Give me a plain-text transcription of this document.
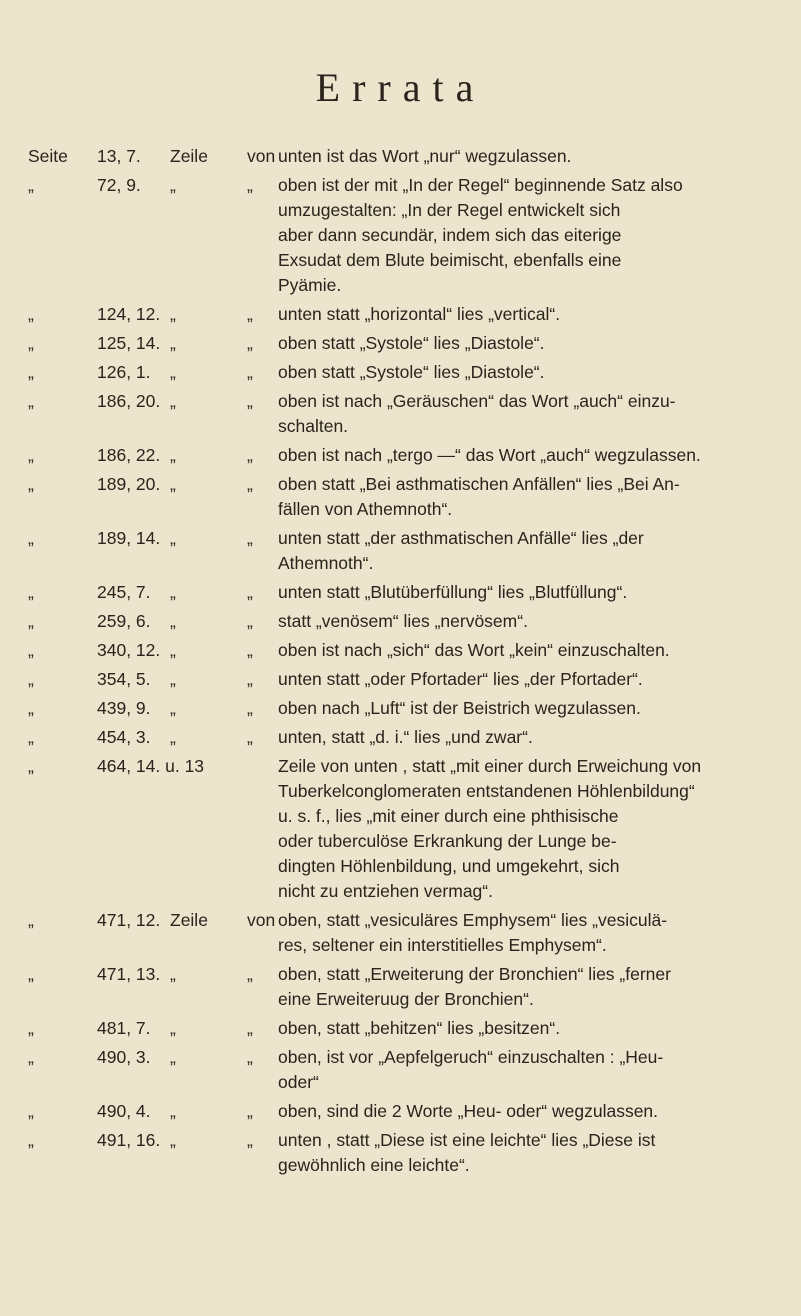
Errata
Seite 13, 7. Zeile von unten ist das Wort „nur“ wegzulassen.
„	72, 9. „	„ oben ist der mit „In der Regel“ beginnende Satz also
umzugestalten: „In der Regel entwickelt sich
aber dann secundär, indem sich das eiterige
Exsudat dem Blute beimischt, ebenfalls eine
Pyämie.
„	124, 12. „	„ unten statt „horizontal“ lies „vertical“.
„	125, 14. „	„ oben statt „Systole“ lies „Diastole“.
„	126, 1. „	„ oben statt „Systole“ lies „Diastole“.
„	186, 20. „	„ oben ist nach „Geräuschen“ das Wort „auch“ einzu-
schalten.
„	186, 22. „	„ oben ist nach „tergo —“ das Wort „auch“ wegzulassen.
„	189, 20. „	„ oben statt „Bei asthmatischen Anfällen“ lies „Bei An-
fällen von Athemnoth“.
„	189, 14. „	„ unten statt „der asthmatischen Anfälle“ lies „der
Athemnoth“.
„	245, 7. „	„ unten statt „Blutüberfüllung“ lies „Blutfüllung“.
„	259, 6. „	„ statt „venösem“ lies „nervösem“.
„	340, 12. „	„ oben ist nach „sich“ das Wort „kein“ einzuschalten.
„	354, 5. „	„ unten statt „oder Pfortader“ lies „der Pfortader“.
„	439, 9. „	„ oben nach „Luft“ ist der Beistrich wegzulassen.
„	454, 3. „	„ unten, statt „d. i.“ lies „und zwar“.
„	464, 14. u. 13	Zeile von unten , statt „mit einer durch Erweichung von
Tuberkelconglomeraten entstandenen Höhlenbildung“
u. s. f., lies „mit einer durch eine phthisische
oder tuberculöse Erkrankung der Lunge be-
dingten Höhlenbildung, und umgekehrt, sich
nicht zu entziehen vermag“.
„	471, 12. Zeile von oben, statt „vesiculäres Emphysem“ lies „vesiculä-
res, seltener ein interstitielles Emphysem“.
„	471, 13. „	„ oben, statt „Erweiterung der Bronchien“ lies „ferner
eine Erweiteruug der Bronchien“.
„	481, 7. „	„ oben, statt „behitzen“ lies „besitzen“.
„	490, 3. „	„ oben, ist vor „Aepfelgeruch“ einzuschalten : „Heu-
oder“
„	490, 4. „	„ oben, sind die 2 Worte „Heu- oder“ wegzulassen.
„	491, 16. „	„ unten , statt „Diese ist eine leichte“ lies „Diese ist
gewöhnlich eine leichte“.
